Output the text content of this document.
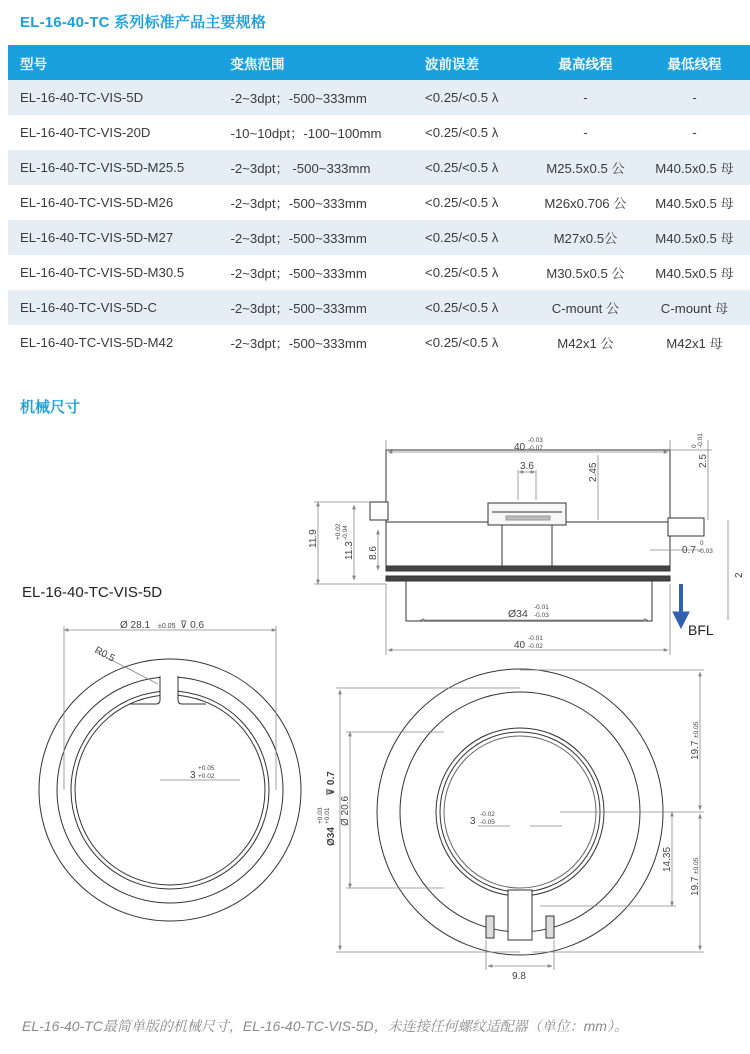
EL-16-40-TC 系列标准产品主要规格
型号	变焦范围	波前误差	最高线程	最低线程
EL-16-40-TC-VIS-5D	-2~3dpt；-500~333mm	<0.25/<0.5 λ	-	-
EL-16-40-TC-VIS-20D	-10~10dpt；-100~100mm	<0.25/<0.5 λ	-	-
EL-16-40-TC-VIS-5D-M25.5	-2~3dpt； -500~333mm	<0.25/<0.5 λ	M25.5x0.5 公	M40.5x0.5 母
EL-16-40-TC-VIS-5D-M26	-2~3dpt；-500~333mm	<0.25/<0.5 λ	M26x0.706 公	M40.5x0.5 母
EL-16-40-TC-VIS-5D-M27	-2~3dpt；-500~333mm	<0.25/<0.5 λ	M27x0.5公	M40.5x0.5 母
EL-16-40-TC-VIS-5D-M30.5	-2~3dpt；-500~333mm	<0.25/<0.5 λ	M30.5x0.5 公	M40.5x0.5 母
EL-16-40-TC-VIS-5D-C	-2~3dpt；-500~333mm	<0.25/<0.5 λ	C-mount 公	C-mount 母
EL-16-40-TC-VIS-5D-M42	-2~3dpt；-500~333mm	<0.25/<0.5 λ	M42x1 公	M42x1 母
机械尺寸
EL-16-40-TC-VIS-5D
40
-0.03
-0.07
3.6	2.45
2.5
0 -0.01
11.9
11.3
+0.02 -0.04
8.6	0.7
0
-0.03
2
Ø34
-0.01
-0.03
40
-0.01
-0.02
BFL
Ø 28.1 ±0.05 ⊽ 0.6
R0.5
3
+0.05
+0.02
Ø34
+0.03 +0.01
⊽ 0.7
Ø 20.6	3
-0.02
-0.05
19.7
±0.05
14.35
19.7
±0.05
9.8
EL-16-40-TC最简单版的机械尺寸，EL-16-40-TC-VIS-5D，未连接任何螺纹适配器（单位：mm）。
